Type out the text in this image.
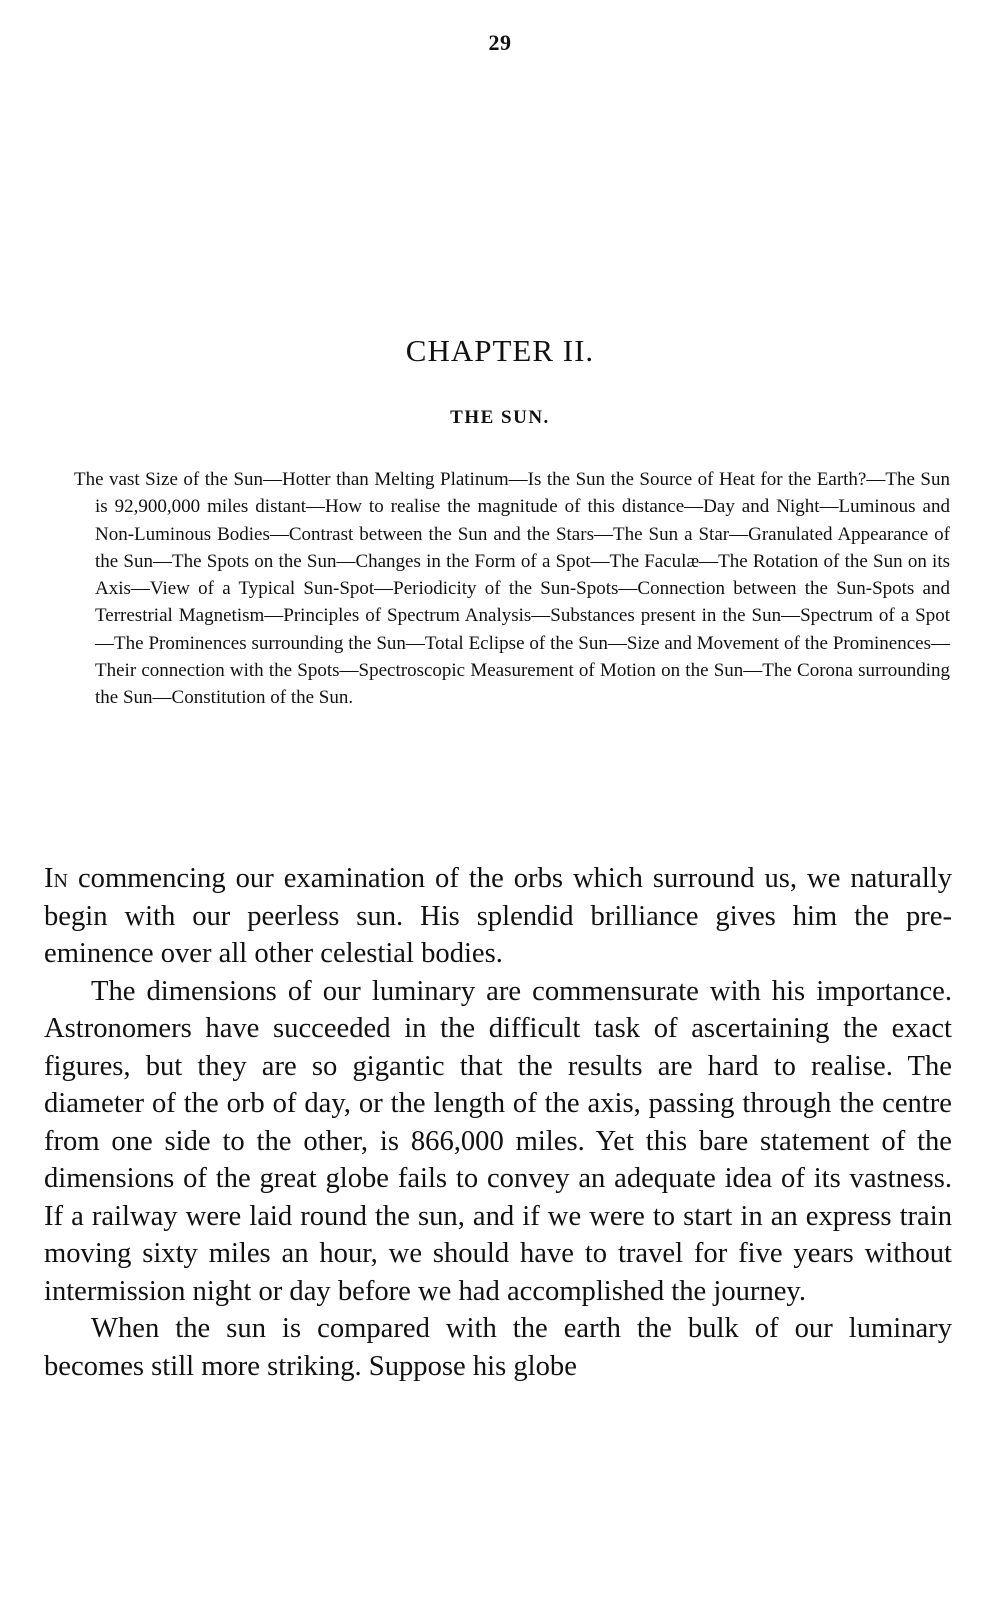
29
CHAPTER II.
THE SUN.
The vast Size of the Sun—Hotter than Melting Platinum—Is the Sun the Source of Heat for the Earth?—The Sun is 92,900,000 miles distant—How to realise the magnitude of this distance—Day and Night—Luminous and Non-Luminous Bodies—Contrast between the Sun and the Stars—The Sun a Star—Granulated Appearance of the Sun—The Spots on the Sun—Changes in the Form of a Spot—The Faculæ—The Rotation of the Sun on its Axis—View of a Typical Sun-Spot—Periodicity of the Sun-Spots—Connection between the Sun-Spots and Terrestrial Magnetism—Principles of Spectrum Analysis—Substances present in the Sun—Spectrum of a Spot—The Prominences surrounding the Sun—Total Eclipse of the Sun—Size and Movement of the Prominences—Their connection with the Spots—Spectroscopic Measurement of Motion on the Sun—The Corona surrounding the Sun—Constitution of the Sun.

In commencing our examination of the orbs which surround us, we naturally begin with our peerless sun. His splendid brilliance gives him the pre-eminence over all other celestial bodies.

The dimensions of our luminary are commensurate with his importance. Astronomers have succeeded in the difficult task of ascertaining the exact figures, but they are so gigantic that the results are hard to realise. The diameter of the orb of day, or the length of the axis, passing through the centre from one side to the other, is 866,000 miles. Yet this bare statement of the dimensions of the great globe fails to convey an adequate idea of its vastness. If a railway were laid round the sun, and if we were to start in an express train moving sixty miles an hour, we should have to travel for five years without intermission night or day before we had accomplished the journey.

When the sun is compared with the earth the bulk of our luminary becomes still more striking. Suppose his globe
